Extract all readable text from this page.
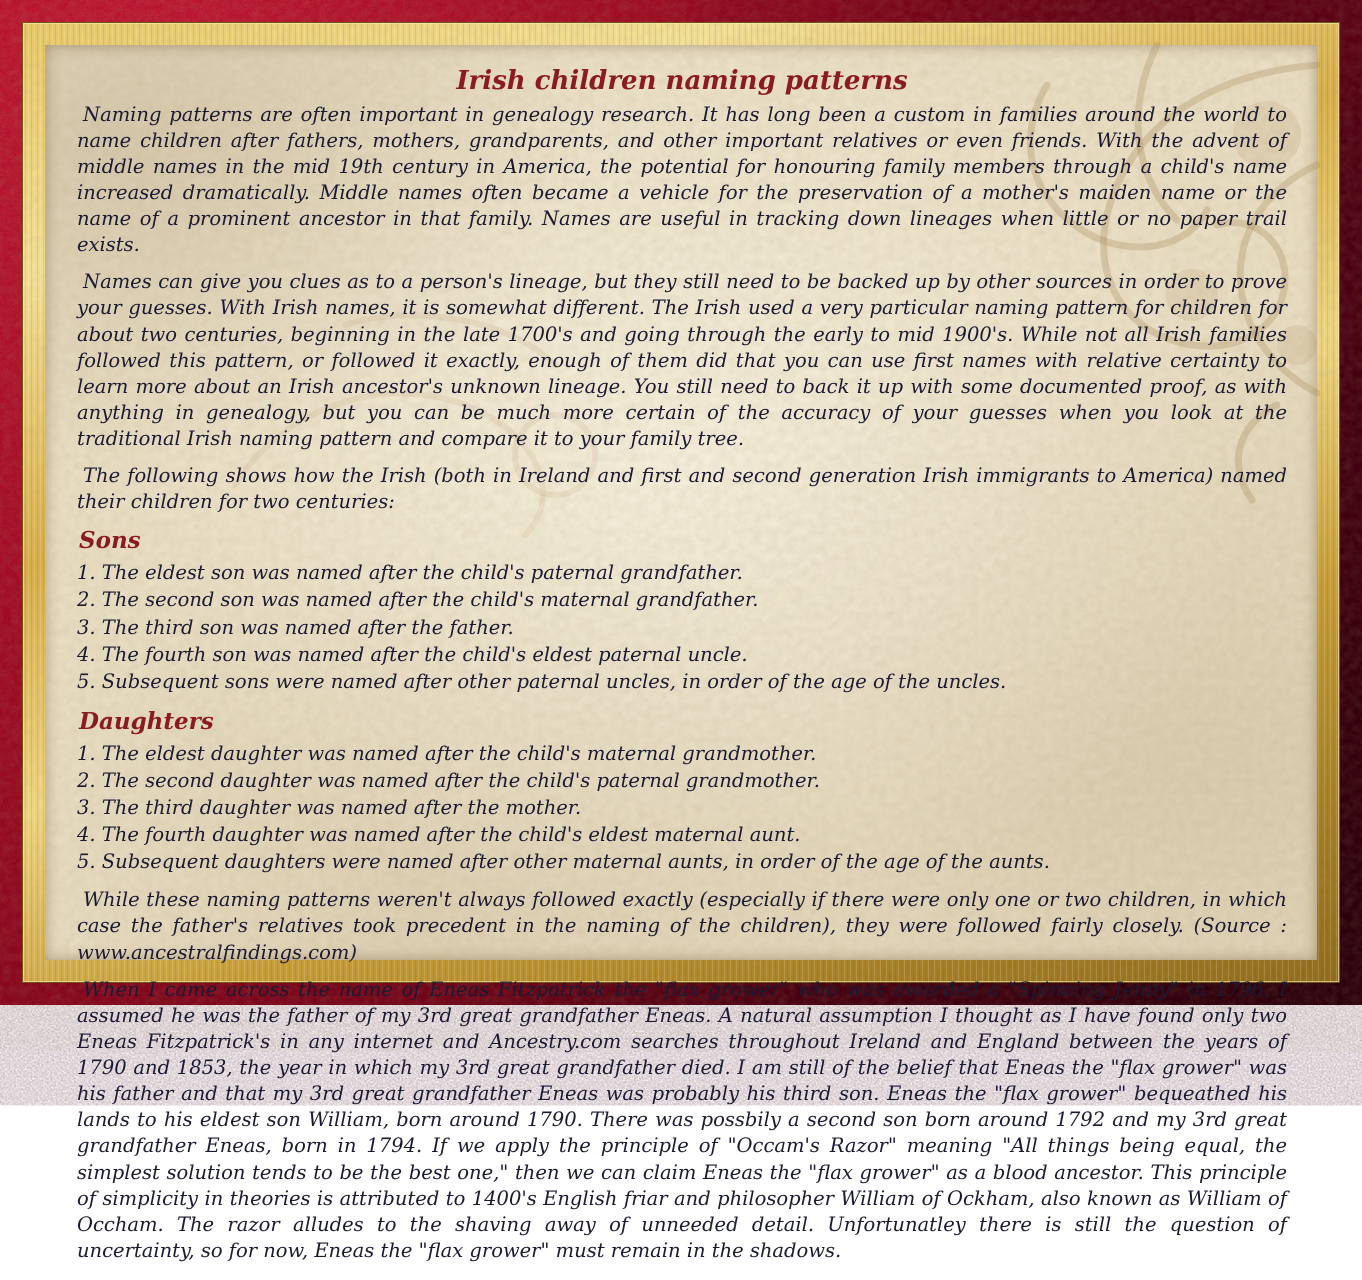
Irish children naming patterns

Naming patterns are often important in genealogy research. It has long been a custom in families around the world to name children after fathers, mothers, grandparents, and other important relatives or even friends. With the advent of middle names in the mid 19th century in America, the potential for honouring family members through a child's name increased dramatically. Middle names often became a vehicle for the preservation of a mother's maiden name or the name of a prominent ancestor in that family. Names are useful in tracking down lineages when little or no paper trail exists.

Names can give you clues as to a person's lineage, but they still need to be backed up by other sources in order to prove your guesses. With Irish names, it is somewhat different. The Irish used a very particular naming pattern for children for about two centuries, beginning in the late 1700's and going through the early to mid 1900's. While not all Irish families followed this pattern, or followed it exactly, enough of them did that you can use first names with relative certainty to learn more about an Irish ancestor's unknown lineage. You still need to back it up with some documented proof, as with anything in genealogy, but you can be much more certain of the accuracy of your guesses when you look at the traditional Irish naming pattern and compare it to your family tree.

The following shows how the Irish (both in Ireland and first and second generation Irish immigrants to America) named their children for two centuries:

Sons
1. The eldest son was named after the child's paternal grandfather.
2. The second son was named after the child's maternal grandfather.
3. The third son was named after the father.
4. The fourth son was named after the child's eldest paternal uncle.
5. Subsequent sons were named after other paternal uncles, in order of the age of the uncles.
Daughters
1. The eldest daughter was named after the child's maternal grandmother.
2. The second daughter was named after the child's paternal grandmother.
3. The third daughter was named after the mother.
4. The fourth daughter was named after the child's eldest maternal aunt.
5. Subsequent daughters were named after other maternal aunts, in order of the age of the aunts.

While these naming patterns weren't always followed exactly (especially if there were only one or two children, in which case the father's relatives took precedent in the naming of the children), they were followed fairly closely. (Source : www.ancestralfindings.com)

When I came across the name of Eneas Fitzpatrick the "flax grower" who was awarded a "Spinning Jenny" in 1796, I assumed he was the father of my 3rd great grandfather Eneas. A natural assumption I thought as I have found only two Eneas Fitzpatrick's in any internet and Ancestry.com searches throughout Ireland and England between the years of 1790 and 1853, the year in which my 3rd great grandfather died. I am still of the belief that Eneas the "flax grower" was his father and that my 3rd great grandfather Eneas was probably his third son. Eneas the "flax grower" bequeathed his lands to his eldest son William, born around 1790. There was possbily a second son born around 1792 and my 3rd great grandfather Eneas, born in 1794. If we apply the principle of "Occam's Razor" meaning "All things being equal, the simplest solution tends to be the best one," then we can claim Eneas the "flax grower" as a blood ancestor. This principle of simplicity in theories is attributed to 1400's English friar and philosopher William of Ockham, also known as William of Occham. The razor alludes to the shaving away of unneeded detail. Unfortunatley there is still the question of uncertainty, so for now, Eneas the "flax grower" must remain in the shadows.
